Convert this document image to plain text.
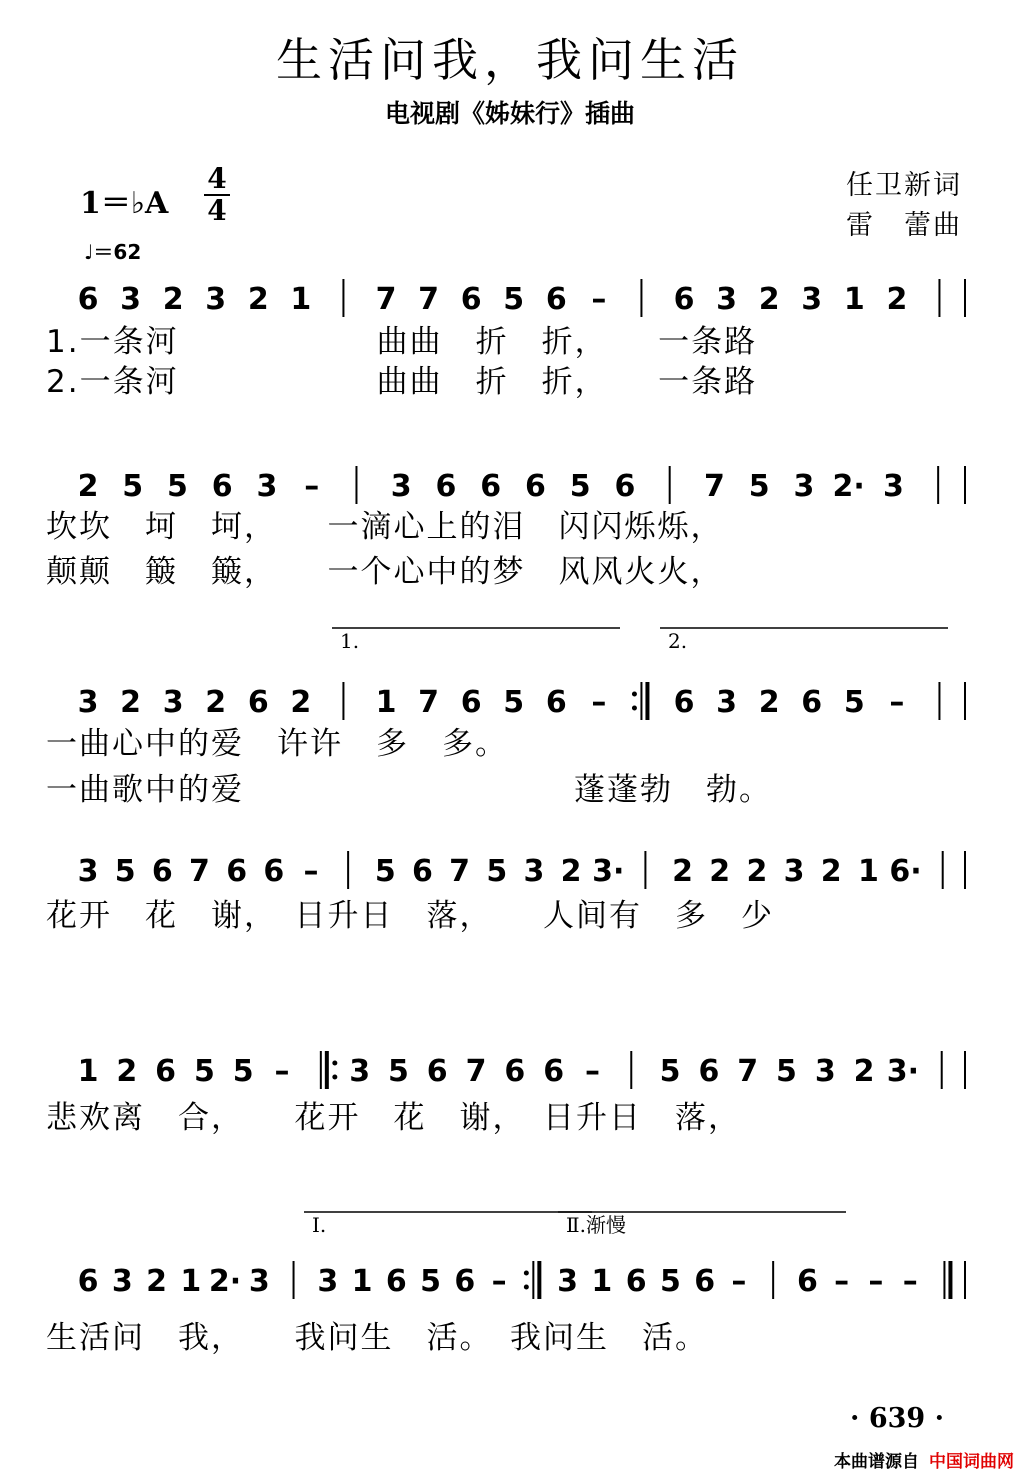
生活问我，我问生活
电视剧《姊妹行》插曲
任卫新词
雷　蕾曲
1＝♭A
4
4
♩＝62
6 3 2 3 2 1 7 7 6 5 6 – 6 3 2 3 1 2
2 5 5 6 3 – 3 6 6 6 5 6 7 5 3 2· 3
3 2 3 2 6 2 1 7 6 5 6 – 6 3 2 6 5 –
3 5 6 7 6 6 – 5 6 7 5 3 2 3· 2 2 2 3 2 1 6·
1 2 6 5 5 – 3 5 6 7 6 6 – 5 6 7 5 3 2 3·
6 3 2 1 2· 3 3 1 6 5 6 – 3 1 6 5 6 – 6 – – –
1.	2.
Ⅰ.	Ⅱ.渐慢
1.一条河　　　　　　曲曲　折　折，　　一条路
2.一条河　　　　　　曲曲　折　折，　　一条路
坎坎　坷　坷，　　一滴心上的泪　闪闪烁烁，
颠颠　簸　簸，　　一个心中的梦　风风火火，
一曲心中的爱　许许　多　多。
一曲歌中的爱　　　　　　　　　　蓬蓬勃　勃。
花开　花　谢，　日升日　落，　　人间有　多　少
悲欢离　合，　　花开　花　谢，　日升日　落，
生活问　我，　　我问生　活。　我问生　活。
· 639 ·
本曲谱源自 中国词曲网
